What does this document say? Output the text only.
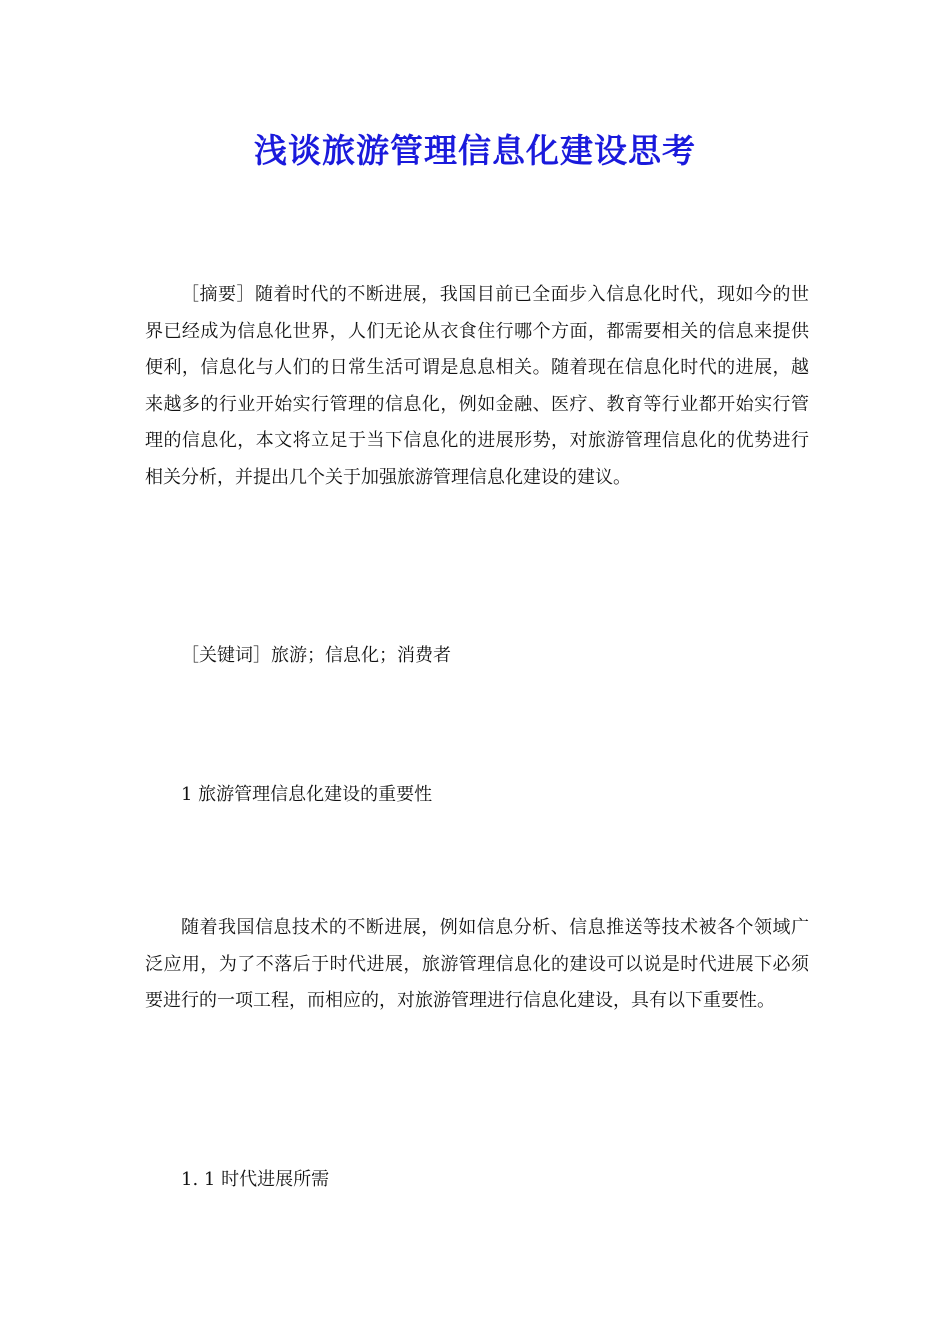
浅谈旅游管理信息化建设思考

［摘要］随着时代的不断进展，我国目前已全面步入信息化时代，现如今的世界已经成为信息化世界，人们无论从衣食住行哪个方面，都需要相关的信息来提供便利，信息化与人们的日常生活可谓是息息相关。随着现在信息化时代的进展，越来越多的行业开始实行管理的信息化，例如金融、医疗、教育等行业都开始实行管理的信息化，本文将立足于当下信息化的进展形势，对旅游管理信息化的优势进行相关分析，并提出几个关于加强旅游管理信息化建设的建议。

［关键词］旅游；信息化；消费者

1 旅游管理信息化建设的重要性

随着我国信息技术的不断进展，例如信息分析、信息推送等技术被各个领域广泛应用，为了不落后于时代进展，旅游管理信息化的建设可以说是时代进展下必须要进行的一项工程，而相应的，对旅游管理进行信息化建设，具有以下重要性。

1. 1 时代进展所需
